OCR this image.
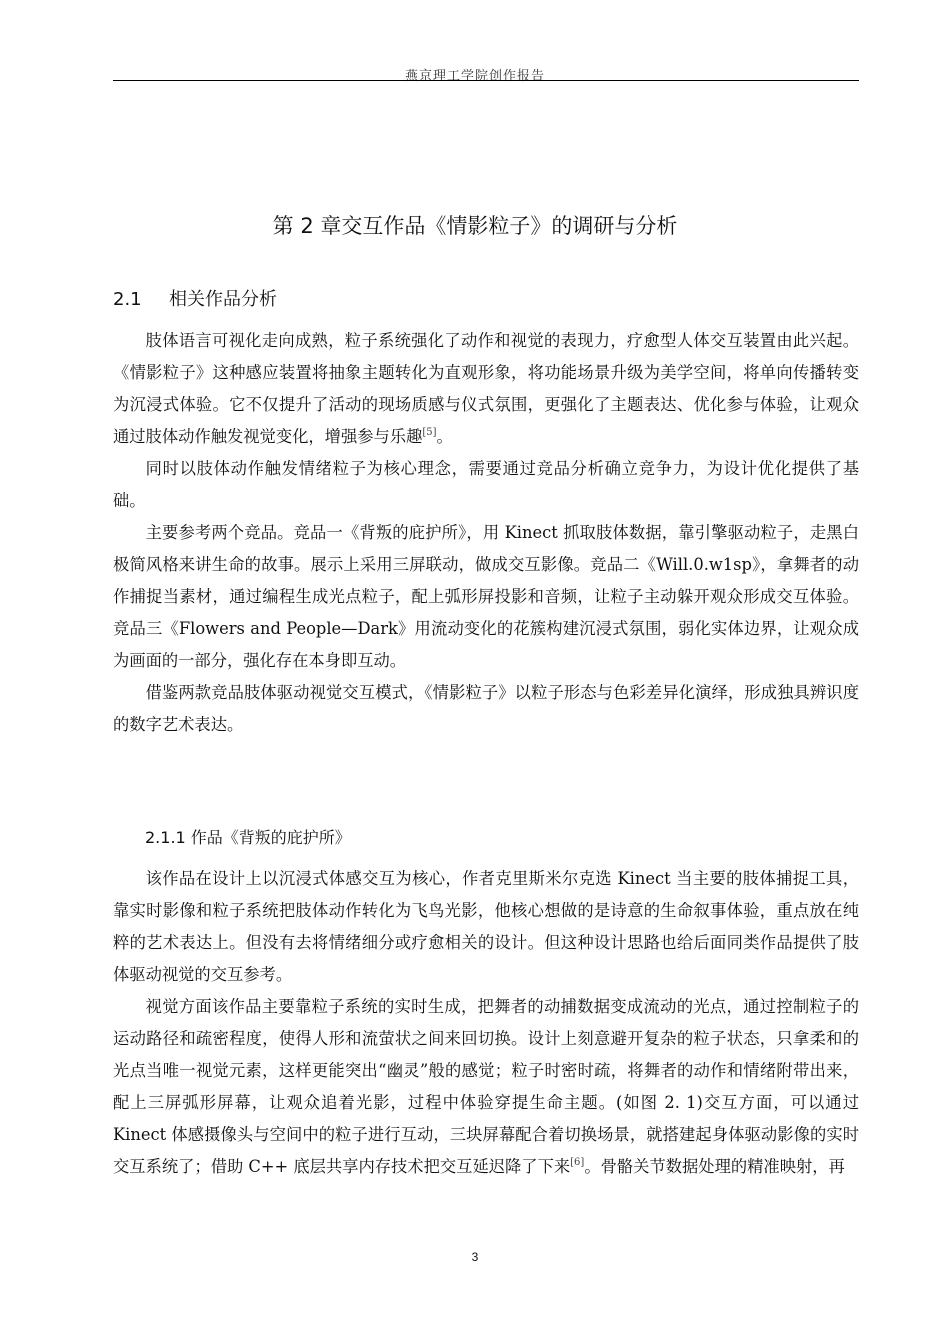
燕京理工学院创作报告
第 2 章交互作品《情影粒子》的调研与分析
2.1 相关作品分析

肢体语言可视化走向成熟，粒子系统强化了动作和视觉的表现力，疗愈型人体交互装置由此兴起。《情影粒子》这种感应装置将抽象主题转化为直观形象，将功能场景升级为美学空间，将单向传播转变为沉浸式体验。它不仅提升了活动的现场质感与仪式氛围，更强化了主题表达、优化参与体验，让观众通过肢体动作触发视觉变化，增强参与乐趣[5]。

同时以肢体动作触发情绪粒子为核心理念，需要通过竞品分析确立竞争力，为设计优化提供了基础。

主要参考两个竞品。竞品一《背叛的庇护所》，用 Kinect 抓取肢体数据，靠引擎驱动粒子，走黑白极简风格来讲生命的故事。展示上采用三屏联动，做成交互影像。竞品二《Will.0.w1sp》，拿舞者的动作捕捉当素材，通过编程生成光点粒子，配上弧形屏投影和音频，让粒子主动躲开观众形成交互体验。竞品三《Flowers and People—Dark》用流动变化的花簇构建沉浸式氛围，弱化实体边界，让观众成为画面的一部分，强化存在本身即互动。

借鉴两款竞品肢体驱动视觉交互模式，《情影粒子》以粒子形态与色彩差异化演绎，形成独具辨识度的数字艺术表达。

2.1.1 作品《背叛的庇护所》

该作品在设计上以沉浸式体感交互为核心，作者克里斯米尔克选 Kinect 当主要的肢体捕捉工具，靠实时影像和粒子系统把肢体动作转化为飞鸟光影，他核心想做的是诗意的生命叙事体验，重点放在纯粹的艺术表达上。但没有去将情绪细分或疗愈相关的设计。但这种设计思路也给后面同类作品提供了肢体驱动视觉的交互参考。

视觉方面该作品主要靠粒子系统的实时生成，把舞者的动捕数据变成流动的光点，通过控制粒子的运动路径和疏密程度，使得人形和流萤状之间来回切换。设计上刻意避开复杂的粒子状态，只拿柔和的光点当唯一视觉元素，这样更能突出“幽灵”般的感觉；粒子时密时疏，将舞者的动作和情绪附带出来，配上三屏弧形屏幕，让观众追着光影，过程中体验穿提生命主题。(如图 2. 1)交互方面，可以通过 Kinect 体感摄像头与空间中的粒子进行互动，三块屏幕配合着切换场景，就搭建起身体驱动影像的实时交互系统了；借助 C++ 底层共享内存技术把交互延迟降了下来[6]。骨骼关节数据处理的精准映射，再

3
